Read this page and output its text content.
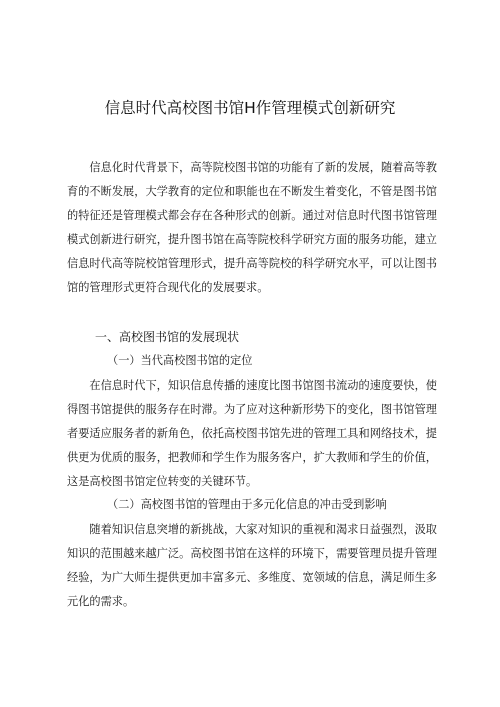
信息时代高校图书馆H作管理模式创新研究

信息化时代背景下，高等院校图书馆的功能有了新的发展，随着高等教育的不断发展，大学教育的定位和职能也在不断发生着变化，不管是图书馆的特征还是管理模式都会存在各种形式的创新。通过对信息时代图书馆管理模式创新进行研究，提升图书馆在高等院校科学研究方面的服务功能，建立信息时代高等院校馆管理形式，提升高等院校的科学研究水平，可以让图书馆的管理形式更符合现代化的发展要求。

一、高校图书馆的发展现状
（一）当代高校图书馆的定位

在信息时代下，知识信息传播的速度比图书馆图书流动的速度要快，使得图书馆提供的服务存在时滞。为了应对这种新形势下的变化，图书馆管理者要适应服务者的新角色，依托高校图书馆先进的管理工具和网络技术，提供更为优质的服务，把教师和学生作为服务客户，扩大教师和学生的价值，这是高校图书馆定位转变的关键环节。

（二）高校图书馆的管理由于多元化信息的冲击受到影响

随着知识信息突增的新挑战，大家对知识的重视和渴求日益强烈，汲取知识的范围越来越广泛。高校图书馆在这样的环境下，需要管理员提升管理经验，为广大师生提供更加丰富多元、多维度、宽领域的信息，满足师生多元化的需求。
